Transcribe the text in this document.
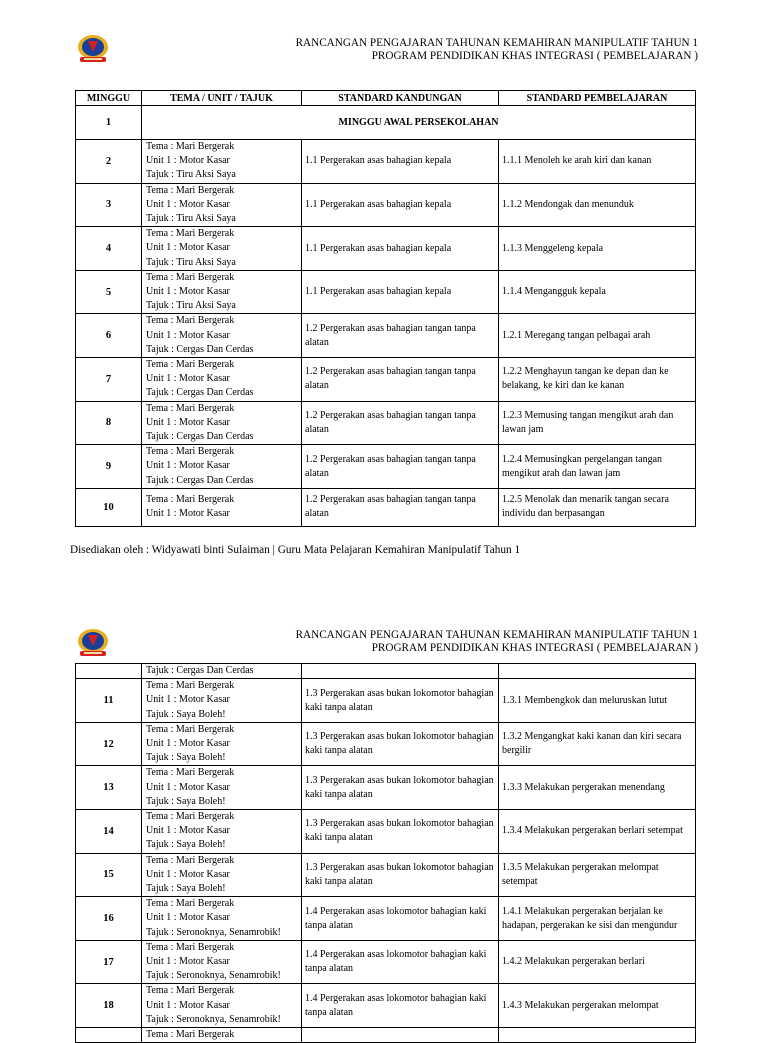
RANCANGAN PENGAJARAN TAHUNAN KEMAHIRAN MANIPULATIF TAHUN 1
PROGRAM PENDIDIKAN KHAS INTEGRASI ( PEMBELAJARAN )
MINGGU	TEMA / UNIT / TAJUK	STANDARD KANDUNGAN	STANDARD PEMBELAJARAN
1	MINGGU AWAL PERSEKOLAHAN		
2	Tema : Mari Bergerak
Unit 1 : Motor Kasar
Tajuk : Tiru Aksi Saya	1.1 Pergerakan asas bahagian kepala	1.1.1 Menoleh ke arah kiri dan kanan
3	Tema : Mari Bergerak
Unit 1 : Motor Kasar
Tajuk : Tiru Aksi Saya	1.1 Pergerakan asas bahagian kepala	1.1.2 Mendongak dan menunduk
4	Tema : Mari Bergerak
Unit 1 : Motor Kasar
Tajuk : Tiru Aksi Saya	1.1 Pergerakan asas bahagian kepala	1.1.3 Menggeleng kepala
5	Tema : Mari Bergerak
Unit 1 : Motor Kasar
Tajuk : Tiru Aksi Saya	1.1 Pergerakan asas bahagian kepala	1.1.4 Mengangguk kepala
6	Tema : Mari Bergerak
Unit 1 : Motor Kasar
Tajuk : Cergas Dan Cerdas	1.2 Pergerakan asas bahagian tangan tanpa alatan	1.2.1 Meregang tangan pelbagai arah
7	Tema : Mari Bergerak
Unit 1 : Motor Kasar
Tajuk : Cergas Dan Cerdas	1.2 Pergerakan asas bahagian tangan tanpa alatan	1.2.2 Menghayun tangan ke depan dan ke belakang, ke kiri dan ke kanan
8	Tema : Mari Bergerak
Unit 1 : Motor Kasar
Tajuk : Cergas Dan Cerdas	1.2 Pergerakan asas bahagian tangan tanpa alatan	1.2.3 Memusing tangan mengikut arah dan lawan jam
9	Tema : Mari Bergerak
Unit 1 : Motor Kasar
Tajuk : Cergas Dan Cerdas	1.2 Pergerakan asas bahagian tangan tanpa alatan	1.2.4 Memusingkan pergelangan tangan mengikut arah dan lawan jam
10	Tema : Mari Bergerak
Unit 1 : Motor Kasar	1.2 Pergerakan asas bahagian tangan tanpa alatan	1.2.5 Menolak dan menarik tangan secara individu dan berpasangan
Disediakan oleh : Widyawati binti Sulaiman | Guru Mata Pelajaran Kemahiran Manipulatif Tahun 1
RANCANGAN PENGAJARAN TAHUNAN KEMAHIRAN MANIPULATIF TAHUN 1
PROGRAM PENDIDIKAN KHAS INTEGRASI ( PEMBELAJARAN )
	Tajuk : Cergas Dan Cerdas		
11	Tema : Mari Bergerak
Unit 1 : Motor Kasar
Tajuk : Saya Boleh!	1.3 Pergerakan asas bukan lokomotor bahagian kaki tanpa alatan	1.3.1 Membengkok dan meluruskan lutut
12	Tema : Mari Bergerak
Unit 1 : Motor Kasar
Tajuk : Saya Boleh!	1.3 Pergerakan asas bukan lokomotor bahagian kaki tanpa alatan	1.3.2 Mengangkat kaki kanan dan kiri secara bergilir
13	Tema : Mari Bergerak
Unit 1 : Motor Kasar
Tajuk : Saya Boleh!	1.3 Pergerakan asas bukan lokomotor bahagian kaki tanpa alatan	1.3.3 Melakukan pergerakan menendang
14	Tema : Mari Bergerak
Unit 1 : Motor Kasar
Tajuk : Saya Boleh!	1.3 Pergerakan asas bukan lokomotor bahagian kaki tanpa alatan	1.3.4 Melakukan pergerakan berlari setempat
15	Tema : Mari Bergerak
Unit 1 : Motor Kasar
Tajuk : Saya Boleh!	1.3 Pergerakan asas bukan lokomotor bahagian kaki tanpa alatan	1.3.5 Melakukan pergerakan melompat setempat
16	Tema : Mari Bergerak
Unit 1 : Motor Kasar
Tajuk : Seronoknya, Senamrobik!	1.4 Pergerakan asas lokomotor bahagian kaki tanpa alatan	1.4.1 Melakukan pergerakan berjalan ke hadapan, pergerakan ke sisi dan mengundur
17	Tema : Mari Bergerak
Unit 1 : Motor Kasar
Tajuk : Seronoknya, Senamrobik!	1.4 Pergerakan asas lokomotor bahagian kaki tanpa alatan	1.4.2 Melakukan pergerakan berlari
18	Tema : Mari Bergerak
Unit 1 : Motor Kasar
Tajuk : Seronoknya, Senamrobik!	1.4 Pergerakan asas lokomotor bahagian kaki tanpa alatan	1.4.3 Melakukan pergerakan melompat

	Tema : Mari Bergerak		
